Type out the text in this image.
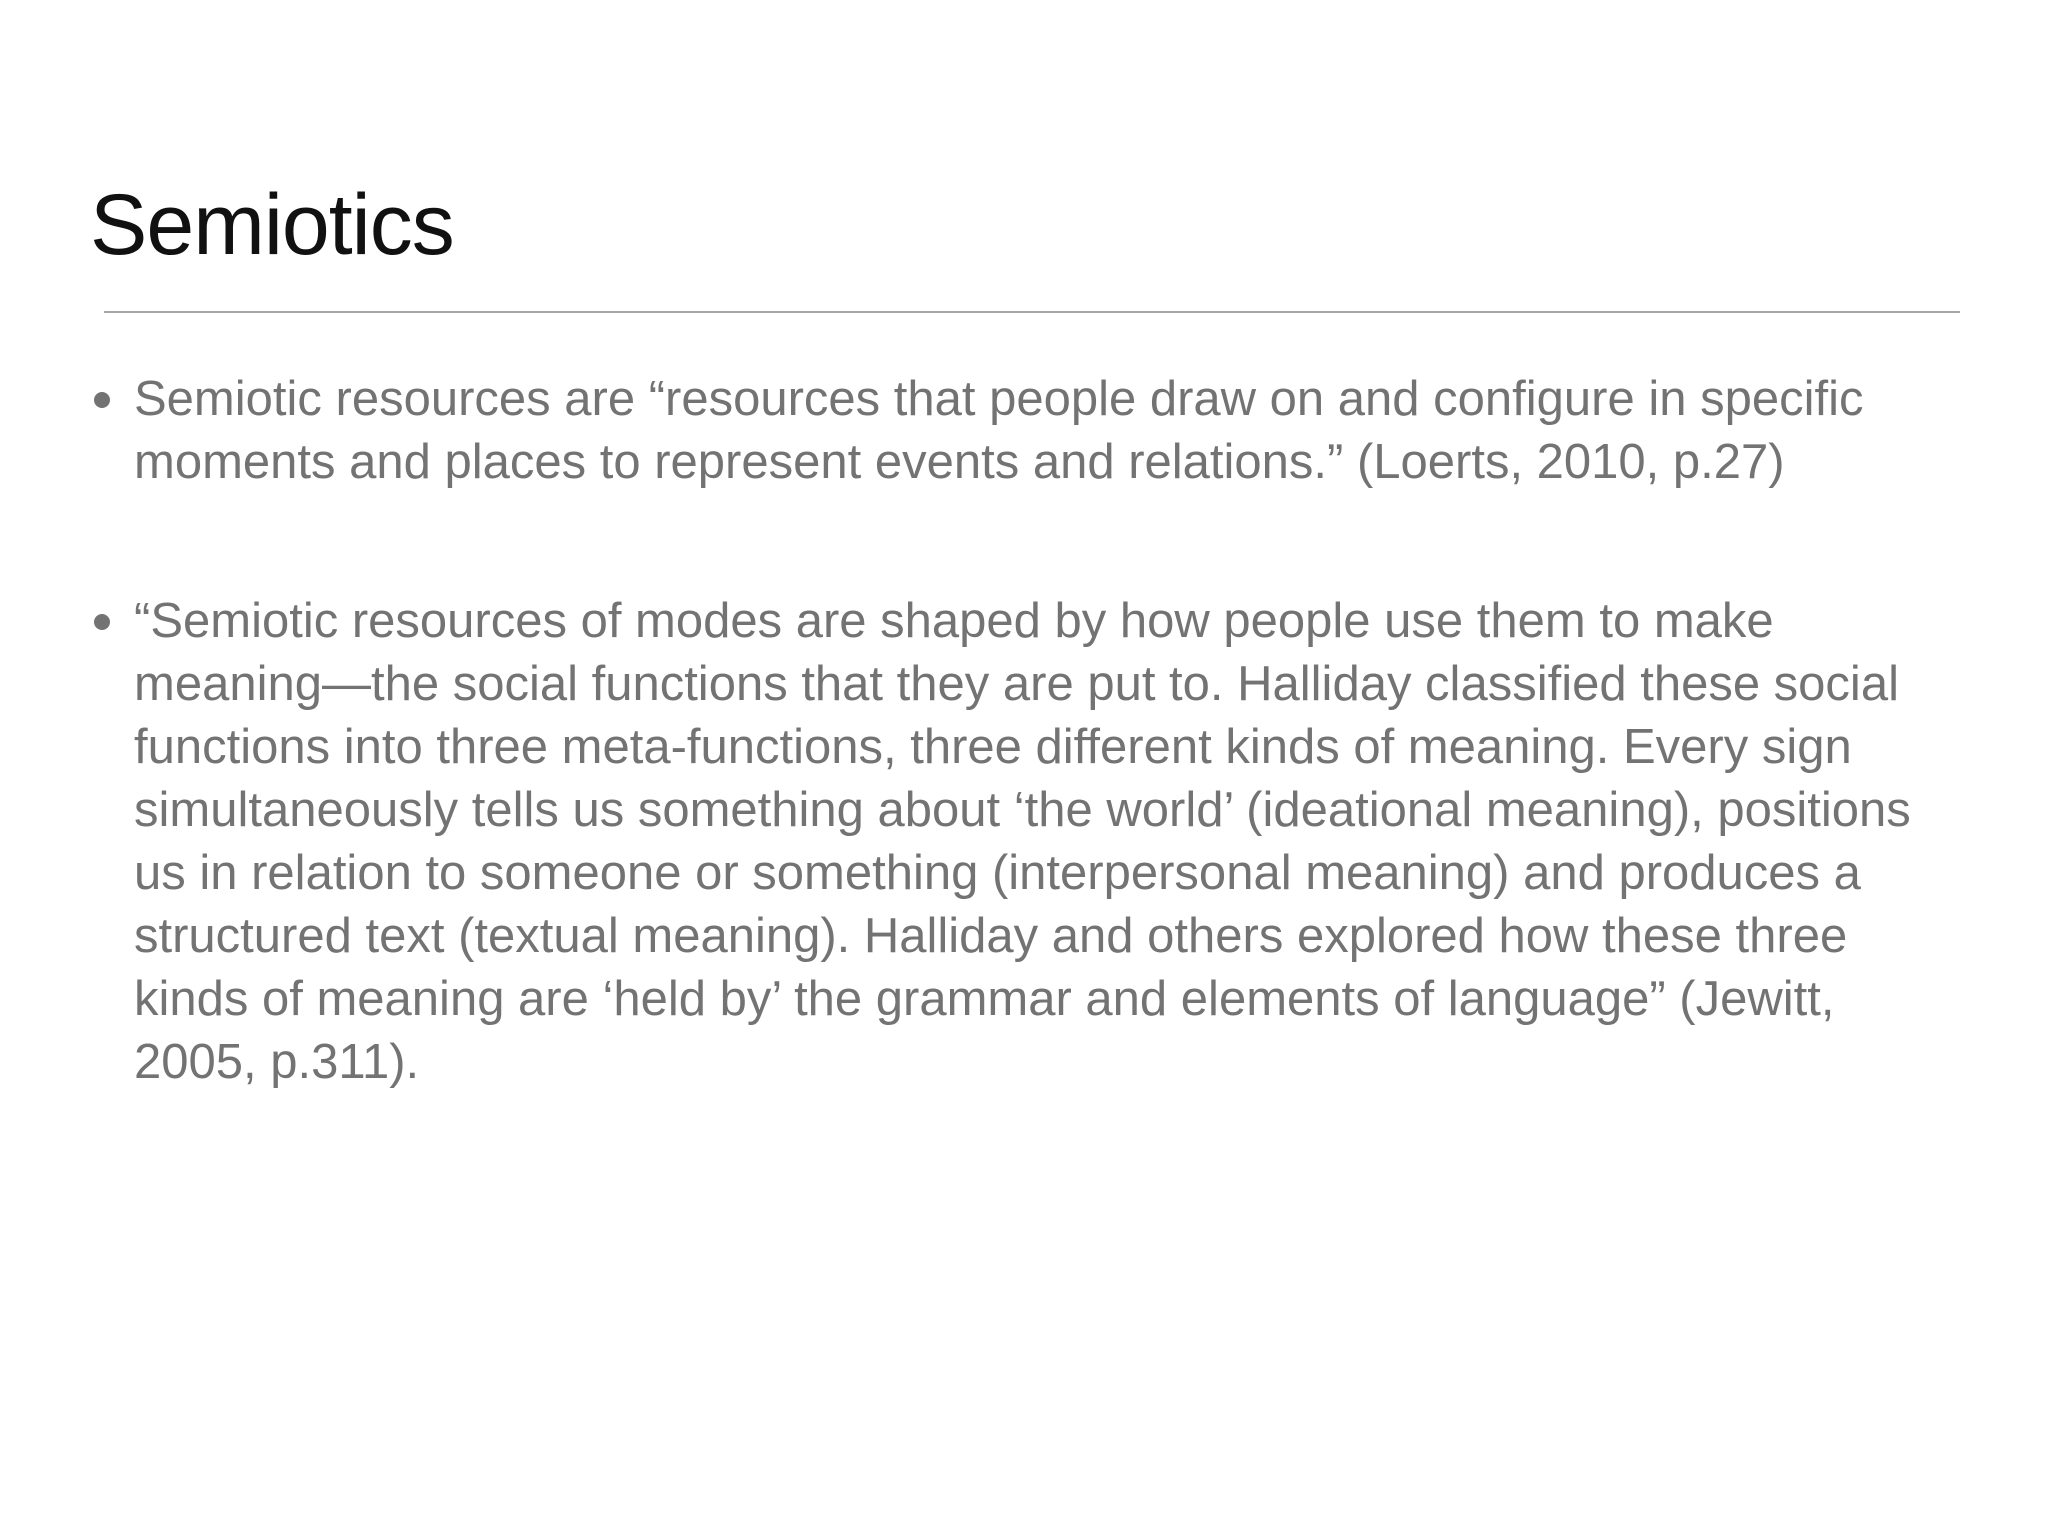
Semiotics
Semiotic resources are “resources that people draw on and configure in specific moments and places to represent events and relations.” (Loerts, 2010, p.27)
“Semiotic resources of modes are shaped by how people use them to make meaning—the social functions that they are put to. Halliday classified these social functions into three meta-functions, three different kinds of meaning. Every sign simultaneously tells us something about ‘the world’ (ideational meaning), positions us in relation to someone or something (interpersonal meaning) and produces a structured text (textual meaning). Halliday and others explored how these three kinds of meaning are ‘held by’ the grammar and elements of language” (Jewitt, 2005, p.311).
